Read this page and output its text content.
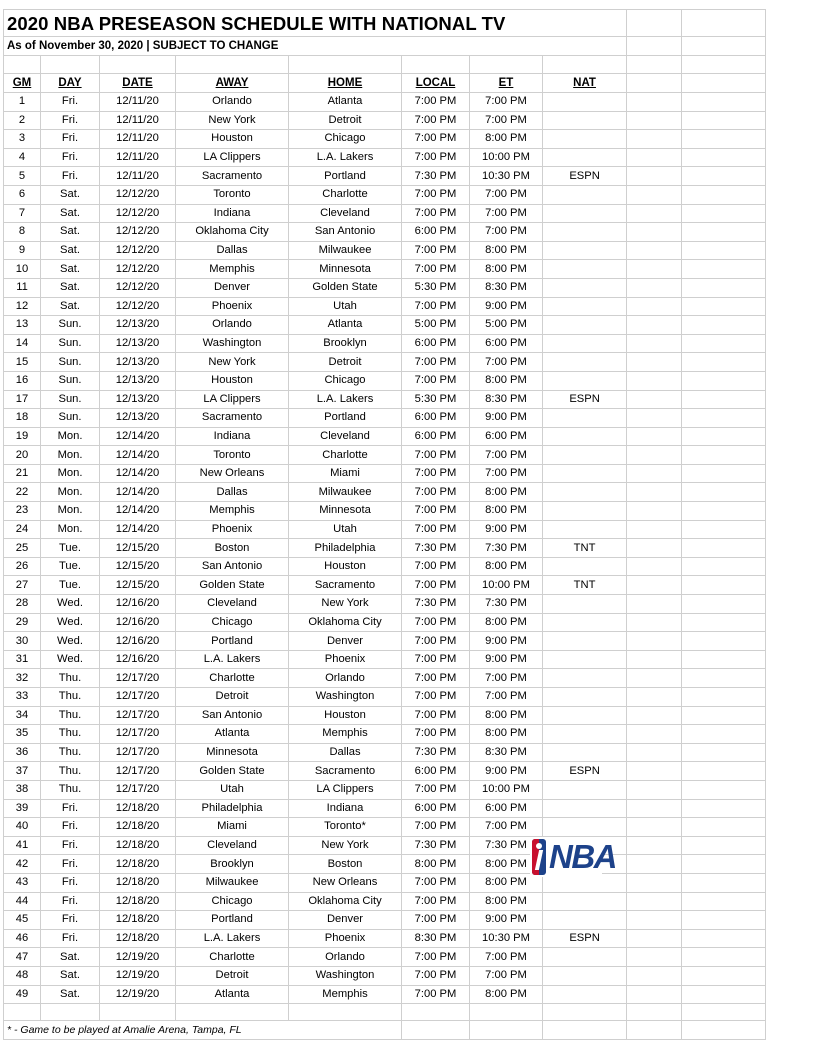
2020 NBA PRESEASON SCHEDULE WITH NATIONAL TV									
As of November 30, 2020 | SUBJECT TO CHANGE									

GM	DAY	DATE	AWAY	HOME	LOCAL	ET	NAT		
1	Fri.	12/11/20	Orlando	Atlanta	7:00 PM	7:00 PM			
2	Fri.	12/11/20	New York	Detroit	7:00 PM	7:00 PM			
3	Fri.	12/11/20	Houston	Chicago	7:00 PM	8:00 PM			
4	Fri.	12/11/20	LA Clippers	L.A. Lakers	7:00 PM	10:00 PM			
5	Fri.	12/11/20	Sacramento	Portland	7:30 PM	10:30 PM	ESPN		
6	Sat.	12/12/20	Toronto	Charlotte	7:00 PM	7:00 PM			
7	Sat.	12/12/20	Indiana	Cleveland	7:00 PM	7:00 PM			
8	Sat.	12/12/20	Oklahoma City	San Antonio	6:00 PM	7:00 PM			
9	Sat.	12/12/20	Dallas	Milwaukee	7:00 PM	8:00 PM			
10	Sat.	12/12/20	Memphis	Minnesota	7:00 PM	8:00 PM			
11	Sat.	12/12/20	Denver	Golden State	5:30 PM	8:30 PM			
12	Sat.	12/12/20	Phoenix	Utah	7:00 PM	9:00 PM			
13	Sun.	12/13/20	Orlando	Atlanta	5:00 PM	5:00 PM			
14	Sun.	12/13/20	Washington	Brooklyn	6:00 PM	6:00 PM			
15	Sun.	12/13/20	New York	Detroit	7:00 PM	7:00 PM			
16	Sun.	12/13/20	Houston	Chicago	7:00 PM	8:00 PM			
17	Sun.	12/13/20	LA Clippers	L.A. Lakers	5:30 PM	8:30 PM	ESPN		
18	Sun.	12/13/20	Sacramento	Portland	6:00 PM	9:00 PM			
19	Mon.	12/14/20	Indiana	Cleveland	6:00 PM	6:00 PM			
20	Mon.	12/14/20	Toronto	Charlotte	7:00 PM	7:00 PM			
21	Mon.	12/14/20	New Orleans	Miami	7:00 PM	7:00 PM			
22	Mon.	12/14/20	Dallas	Milwaukee	7:00 PM	8:00 PM			
23	Mon.	12/14/20	Memphis	Minnesota	7:00 PM	8:00 PM			
24	Mon.	12/14/20	Phoenix	Utah	7:00 PM	9:00 PM			
25	Tue.	12/15/20	Boston	Philadelphia	7:30 PM	7:30 PM	TNT		
26	Tue.	12/15/20	San Antonio	Houston	7:00 PM	8:00 PM			
27	Tue.	12/15/20	Golden State	Sacramento	7:00 PM	10:00 PM	TNT		
28	Wed.	12/16/20	Cleveland	New York	7:30 PM	7:30 PM			
29	Wed.	12/16/20	Chicago	Oklahoma City	7:00 PM	8:00 PM			
30	Wed.	12/16/20	Portland	Denver	7:00 PM	9:00 PM			
31	Wed.	12/16/20	L.A. Lakers	Phoenix	7:00 PM	9:00 PM			
32	Thu.	12/17/20	Charlotte	Orlando	7:00 PM	7:00 PM			
33	Thu.	12/17/20	Detroit	Washington	7:00 PM	7:00 PM			
34	Thu.	12/17/20	San Antonio	Houston	7:00 PM	8:00 PM			
35	Thu.	12/17/20	Atlanta	Memphis	7:00 PM	8:00 PM			
36	Thu.	12/17/20	Minnesota	Dallas	7:30 PM	8:30 PM			
37	Thu.	12/17/20	Golden State	Sacramento	6:00 PM	9:00 PM	ESPN		
38	Thu.	12/17/20	Utah	LA Clippers	7:00 PM	10:00 PM			
39	Fri.	12/18/20	Philadelphia	Indiana	6:00 PM	6:00 PM			
40	Fri.	12/18/20	Miami	Toronto*	7:00 PM	7:00 PM			
41	Fri.	12/18/20	Cleveland	New York	7:30 PM	7:30 PM			
42	Fri.	12/18/20	Brooklyn	Boston	8:00 PM	8:00 PM			
43	Fri.	12/18/20	Milwaukee	New Orleans	7:00 PM	8:00 PM			
44	Fri.	12/18/20	Chicago	Oklahoma City	7:00 PM	8:00 PM			
45	Fri.	12/18/20	Portland	Denver	7:00 PM	9:00 PM			
46	Fri.	12/18/20	L.A. Lakers	Phoenix	8:30 PM	10:30 PM	ESPN		
47	Sat.	12/19/20	Charlotte	Orlando	7:00 PM	7:00 PM			
48	Sat.	12/19/20	Detroit	Washington	7:00 PM	7:00 PM			
49	Sat.	12/19/20	Atlanta	Memphis	7:00 PM	8:00 PM			

* - Game to be played at Amalie Arena, Tampa, FL									
NBA
